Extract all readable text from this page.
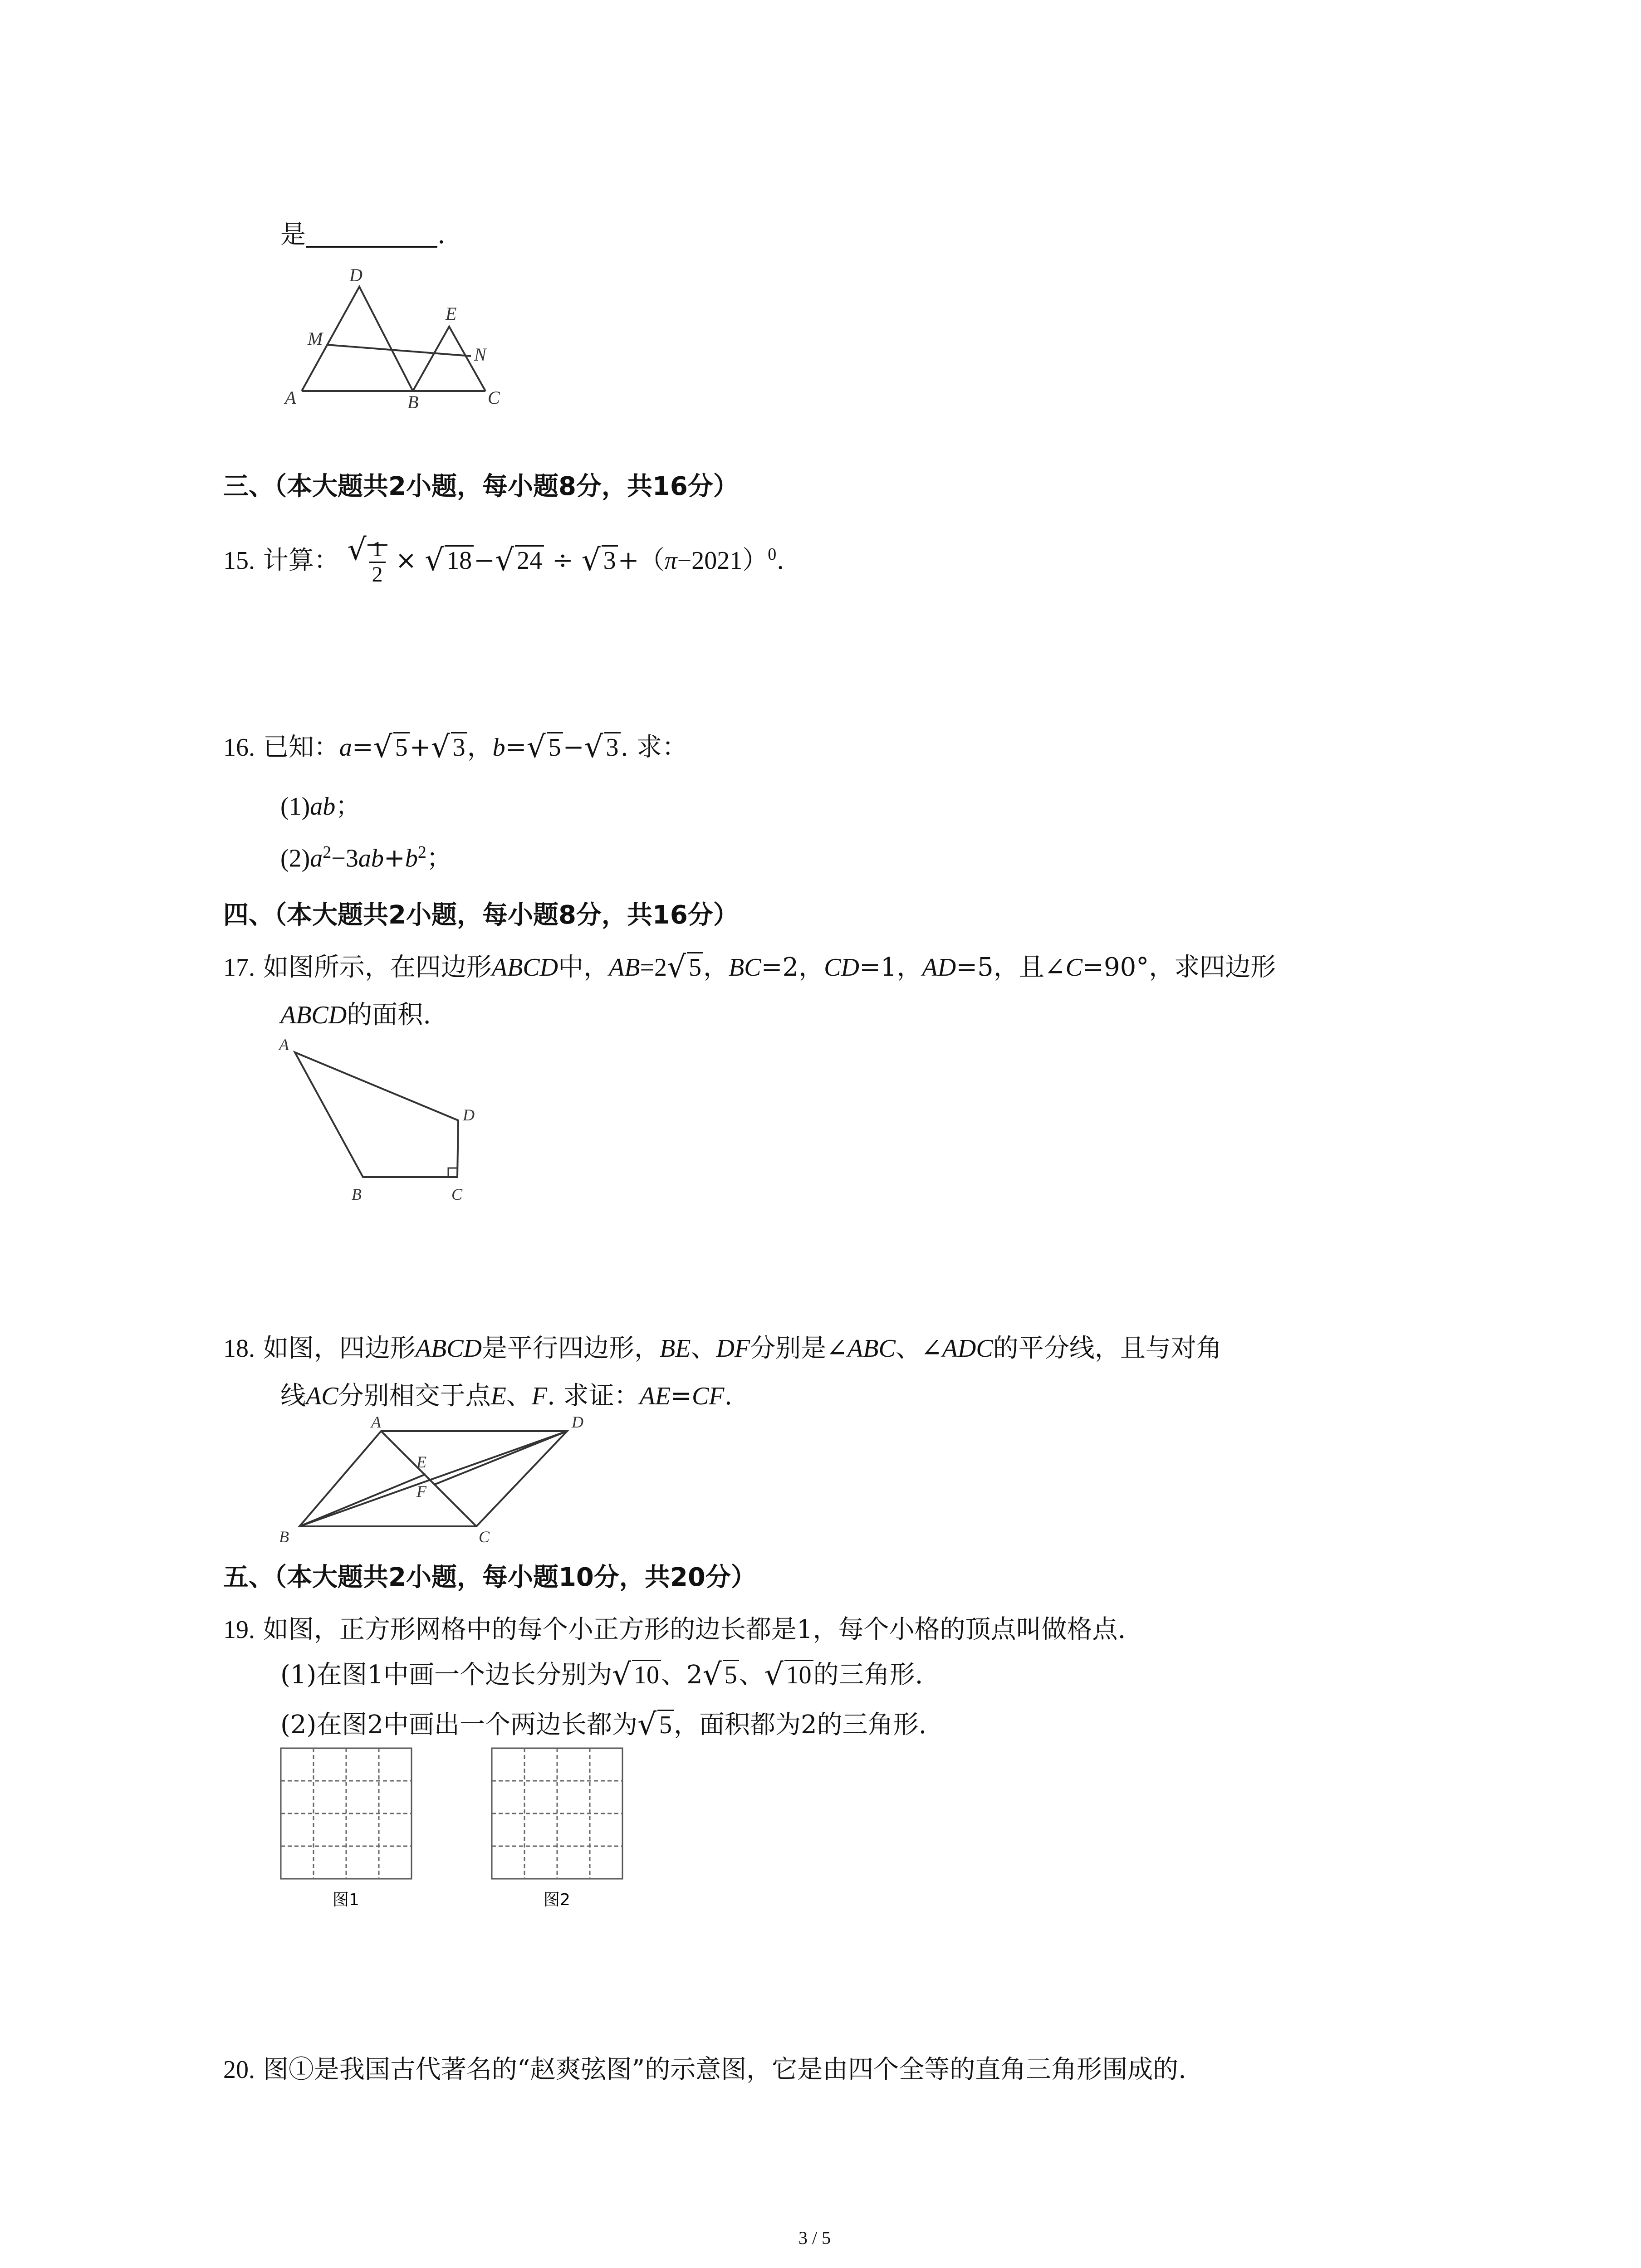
是	.
D
E
M
N
A	B	C
三、（本大题共2小题，每小题8分，共16分）
15. 计算： √ $\frac{1}{2}$ × √ 18− √ 24 ÷ √ $3+(\pi-2021)^0$.
16. 已知：a= √ 5+ √ 3，b= √ 5− √ 3. 求：
(1)ab；
$(2)a^2-3ab+b^2$；
四、（本大题共2小题，每小题8分，共16分）
17. 如图所示，在四边形ABCD中，AB=2 √ 5，BC=2，CD=1，AD=5，且∠C=90°，求四边形
ABCD的面积.
A
D
B	C
18. 如图，四边形ABCD是平行四边形，BE、DF分别是∠ABC、∠ADC的平分线，且与对角
线AC分别相交于点E、F. 求证：AE=CF.
A	D
E
F
B	C
五、（本大题共2小题，每小题10分，共20分）
19. 如图，正方形网格中的每个小正方形的边长都是1，每个小格的顶点叫做格点.
(1)在图1中画一个边长分别为 √ 10、2 √ 5、 √ 10的三角形.
(2)在图2中画出一个两边长都为 √ 5，面积都为2的三角形.
图1	图2
20. 图①是我国古代著名的“赵爽弦图”的示意图，它是由四个全等的直角三角形围成的.
3 / 5
